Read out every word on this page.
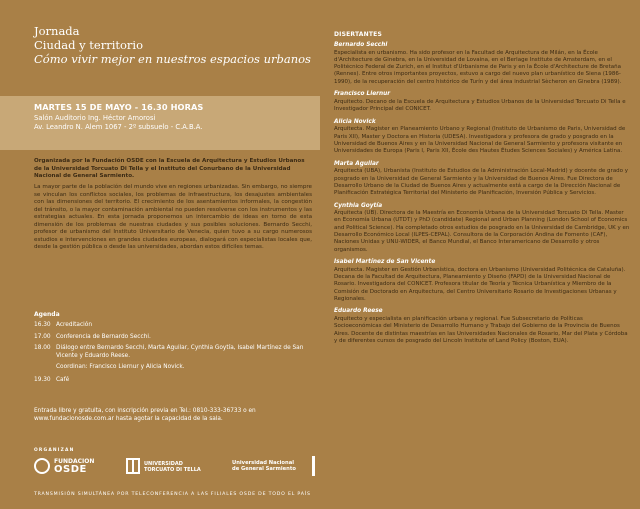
Jornada
Ciudad y territorio
Cómo vivir mejor en nuestros espacios urbanos
MARTES 15 DE MAYO - 16.30 HORAS
Salón Auditorio Ing. Héctor Amorosi
Av. Leandro N. Alem 1067 - 2º subsuelo - C.A.B.A.
Organizada por la Fundación OSDE con la Escuela de Arquitectura y Estudios Urbanos de la Universidad Torcuato Di Tella y el Instituto del Conurbano de la Universidad Nacional de General Sarmiento.
La mayor parte de la población del mundo vive en regiones urbanizadas. Sin embargo, no siempre se vinculan los conflictos sociales, los problemas de infraestructura, los desajustes ambientales con las dimensiones del territorio. El crecimiento de los asentamientos informales, la congestión del tránsito, o la mayor contaminación ambiental no pueden resolverse con los instrumentos y las estrategias actuales. En esta jornada proponemos un intercambio de ideas en torno de esta dimensión de los problemas de nuestras ciudades y sus posibles soluciones. Bernardo Secchi, profesor de urbanismo del Instituto Universitario de Venecia, quien tuvo a su cargo numerosos estudios e intervenciones en grandes ciudades europeas, dialogará con especialistas locales que, desde la gestión pública o desde las universidades, abordan estos difíciles temas.
Agenda
16.30 Acreditación
17.00 Conferencia de Bernardo Secchi.
18.00 Diálogo entre Bernardo Secchi, Marta Aguilar, Cynthia Goytía, Isabel Martínez de San Vicente y Eduardo Reese.
Coordinan: Francisco Liernur y Alicia Novick.
19.30 Café
Entrada libre y gratuita, con inscripción previa en Tel.: 0810-333-36733 o en www.fundacionosde.com.ar hasta agotar la capacidad de la sala.
ORGANIZAN
FUNDACION
OSDE	UNIVERSIDAD
TORCUATO DI TELLA
Universidad Nacional
de General Sarmiento
TRANSMISIÓN SIMULTÁNEA POR TELECONFERENCIA A LAS FILIALES OSDE DE TODO EL PAÍS
DISERTANTES
Bernardo Secchi
Especialista en urbanismo. Ha sido profesor en la Facultad de Arquitectura de Milán, en la École d'Architecture de Ginebra, en la Universidad de Lovaina, en el Berlage Institute de Amsterdam, en el Politécnico Federal de Zurich, en el Institut d'Urbanisme de Paris y en la École d'Architecture de Bretaña (Rennes). Entre otros importantes proyectos, estuvo a cargo del nuevo plan urbanístico de Siena (1986-1990), de la recuperación del centro histórico de Turín y del área industrial Sècheron en Ginebra (1989).
Francisco Liernur
Arquitecto. Decano de la Escuela de Arquitectura y Estudios Urbanos de la Universidad Torcuato Di Tella e Investigador Principal del CONICET.
Alicia Novick
Arquitecta. Magister en Planeamiento Urbano y Regional (Instituto de Urbanismo de Paris, Universidad de Paris XII), Master y Doctora en Historia (UDESA). Investigadora y profesora de grado y posgrado en la Universidad de Buenos Aires y en la Universidad Nacional de General Sarmiento y profesora visitante en Universidades de Europa (Paris I, Paris XII, École des Hautes Études Sciences Sociales) y América Latina.
Marta Aguilar
Arquitecta (UBA), Urbanista (Instituto de Estudios de la Administración Local-Madrid) y docente de grado y posgrado en la Universidad de General Sarmiento y la Universidad de Buenos Aires. Fue Directora de Desarrollo Urbano de la Ciudad de Buenos Aires y actualmente está a cargo de la Dirección Nacional de Planificación Estratégica Territorial del Ministerio de Planificación, Inversión Pública y Servicios.
Cynthia Goytía
Arquitecta (UB). Directora de la Maestría en Economía Urbana de la Universidad Torcuato Di Tella. Master en Economía Urbana (UTDT) y PhD (candidate) Regional and Urban Planning (London School of Economics and Political Science). Ha completado otros estudios de posgrado en la Universidad de Cambridge, UK y en Desarrollo Económico Local (ILPES-CEPAL). Consultora de la Corporación Andina de Fomento (CAF), Naciones Unidas y UNU-WIDER, el Banco Mundial, el Banco Interamericano de Desarrollo y otros organismos.
Isabel Martínez de San Vicente
Arquitecta. Magister en Gestión Urbanística, doctora en Urbanismo (Universidad Politécnica de Cataluña). Decana de la Facultad de Arquitectura, Planeamiento y Diseño (FAPD) de la Universidad Nacional de Rosario. Investigadora del CONICET. Profesora titular de Teoría y Técnica Urbanística y Miembro de la Comisión de Doctorado en Arquitectura, del Centro Universitario Rosario de Investigaciones Urbanas y Regionales.
Eduardo Reese
Arquitecto y especialista en planificación urbana y regional. Fue Subsecretario de Políticas Socioeconómicas del Ministerio de Desarrollo Humano y Trabajo del Gobierno de la Provincia de Buenos Aires. Docente de distintas maestrías en las Universidades Nacionales de Rosario, Mar del Plata y Córdoba y de diferentes cursos de posgrado del Lincoln Institute of Land Policy (Boston, EUA).
